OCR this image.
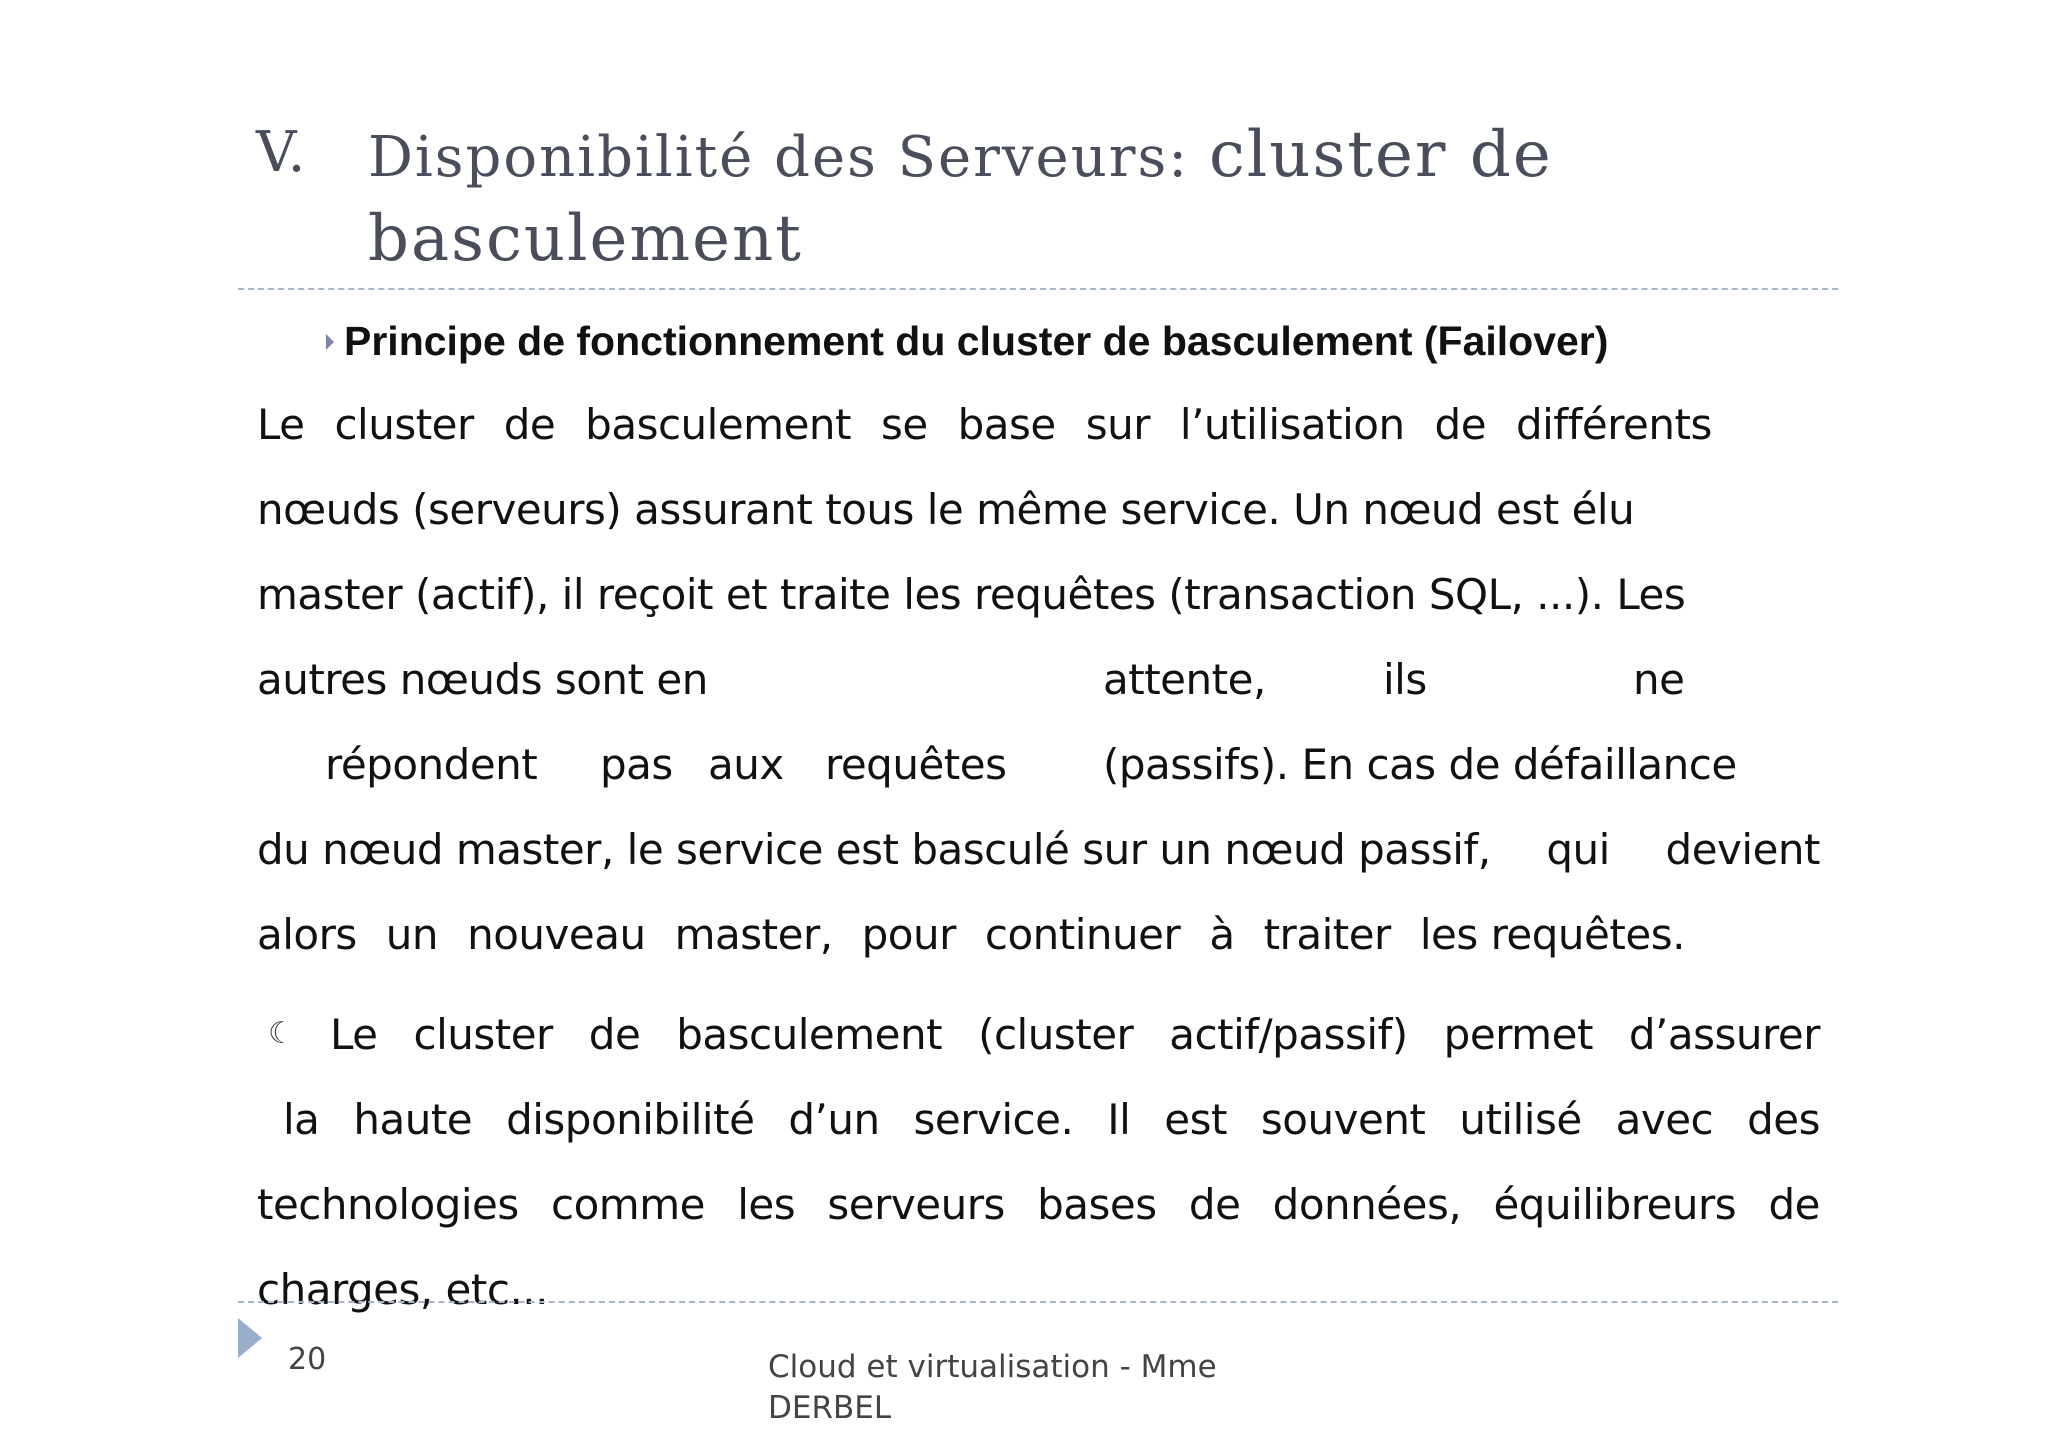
V. Disponibilité des Serveurs: cluster de
basculement
Principe de fonctionnement du cluster de basculement (Failover)
Le cluster de basculement se base sur l’utilisation de différents
nœuds (serveurs) assurant tous le même service. Un nœud est élu
master (actif), il reçoit et traite les requêtes (transaction SQL, ...). Les
autres nœuds sont en	attente,	ils	ne
répondent pas aux requêtes (passifs). En cas de défaillance
du nœud master, le service est basculé sur un nœud passif, qui devient
alors un nouveau master, pour continuer à traiter les requêtes.
☾ Le cluster de basculement (cluster actif/passif) permet d’assurer
la haute disponibilité d’un service. Il est souvent utilisé avec des
technologies comme les serveurs bases de données, équilibreurs de
charges, etc...
20	Cloud et virtualisation - Mme DERBEL
